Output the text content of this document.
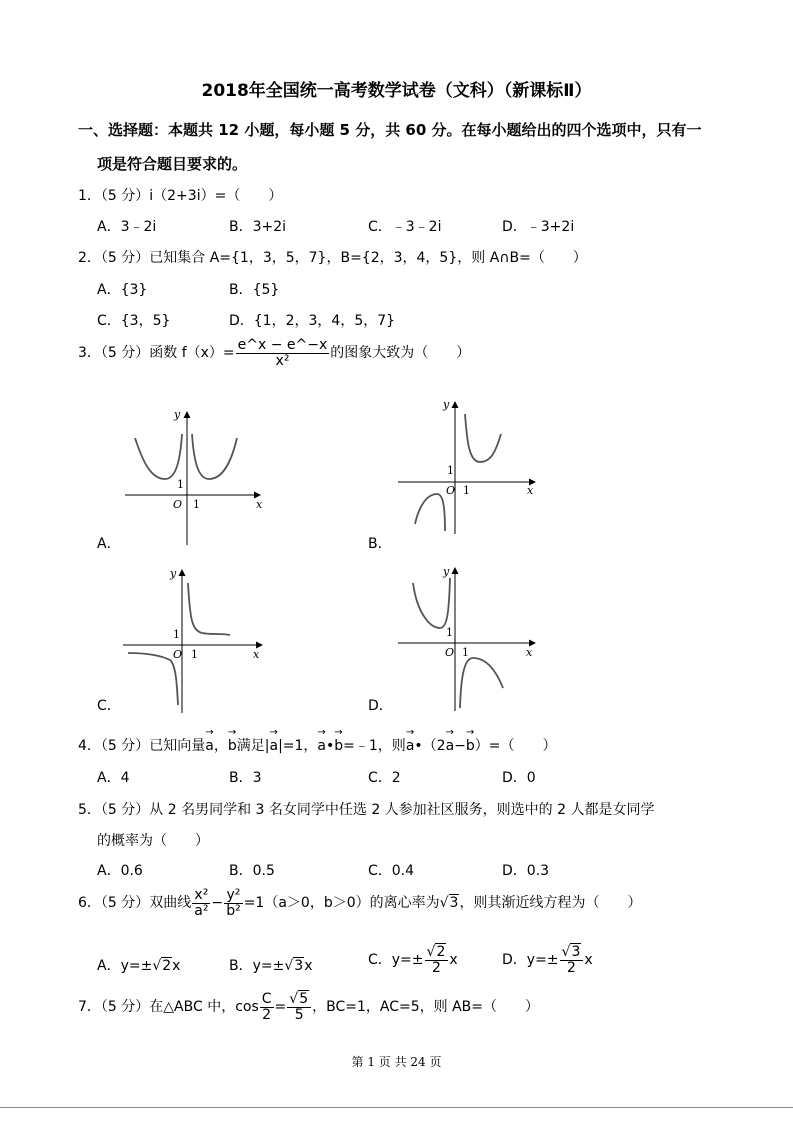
2018年全国统一高考数学试卷（文科）（新课标Ⅱ）
一、选择题：本题共 12 小题，每小题 5 分，共 60 分。在每小题给出的四个选项中，只有一
项是符合题目要求的。
1．（5 分）i（2+3i）=（　　）
A．3﹣2i	B．3+2i	C．﹣3﹣2i	D．﹣3+2i
2．（5 分）已知集合 A={1，3，5，7}，B={2，3，4，5}，则 A∩B=（　　）
A．{3}	B．{5}
C．{3，5}	D．{1，2，3，4，5，7}
3．（5 分）函数 $f(x)= \frac{e\^{}x - e\^{}-x}{\text{x²}}$ 的图象大致为（　　）
y
x
O
1
1
A．
y
x
O
1
1
B．
y
x
O
1
1
C．
y
x
O
1
1
D．
4．（5 分）已知向量→ a，→ b满足|→ a|=1，→ a•→ b=﹣1，则→ a•（2→ a−→ b）=（　　）
A．4	B．3	C．2	D．0
5．（5 分）从 2 名男同学和 3 名女同学中任选 2 人参加社区服务，则选中的 2 人都是女同学
的概率为（　　）
A．0.6	B．0.5	C．0.4	D．0.3
6．（5 分）双曲线 $\frac{\text{x²}}{\text{a²}} - \frac{\text{y²}}{\text{b²}} =1(a>0$，b＞0）的离心率为√3，则其渐近线方程为（　　）
A．y=±√2x	B．y=±√3x	C．$y=\pm \frac{√2}{2}$ x	D．$y=\pm \frac{√3}{2}$ x
7．（5 分）在△ABC 中，$\cos \frac{C}{2} = \frac{√5}{5}$ ，BC=1，AC=5，则 AB=（　　）
第 1 页 共 24 页
